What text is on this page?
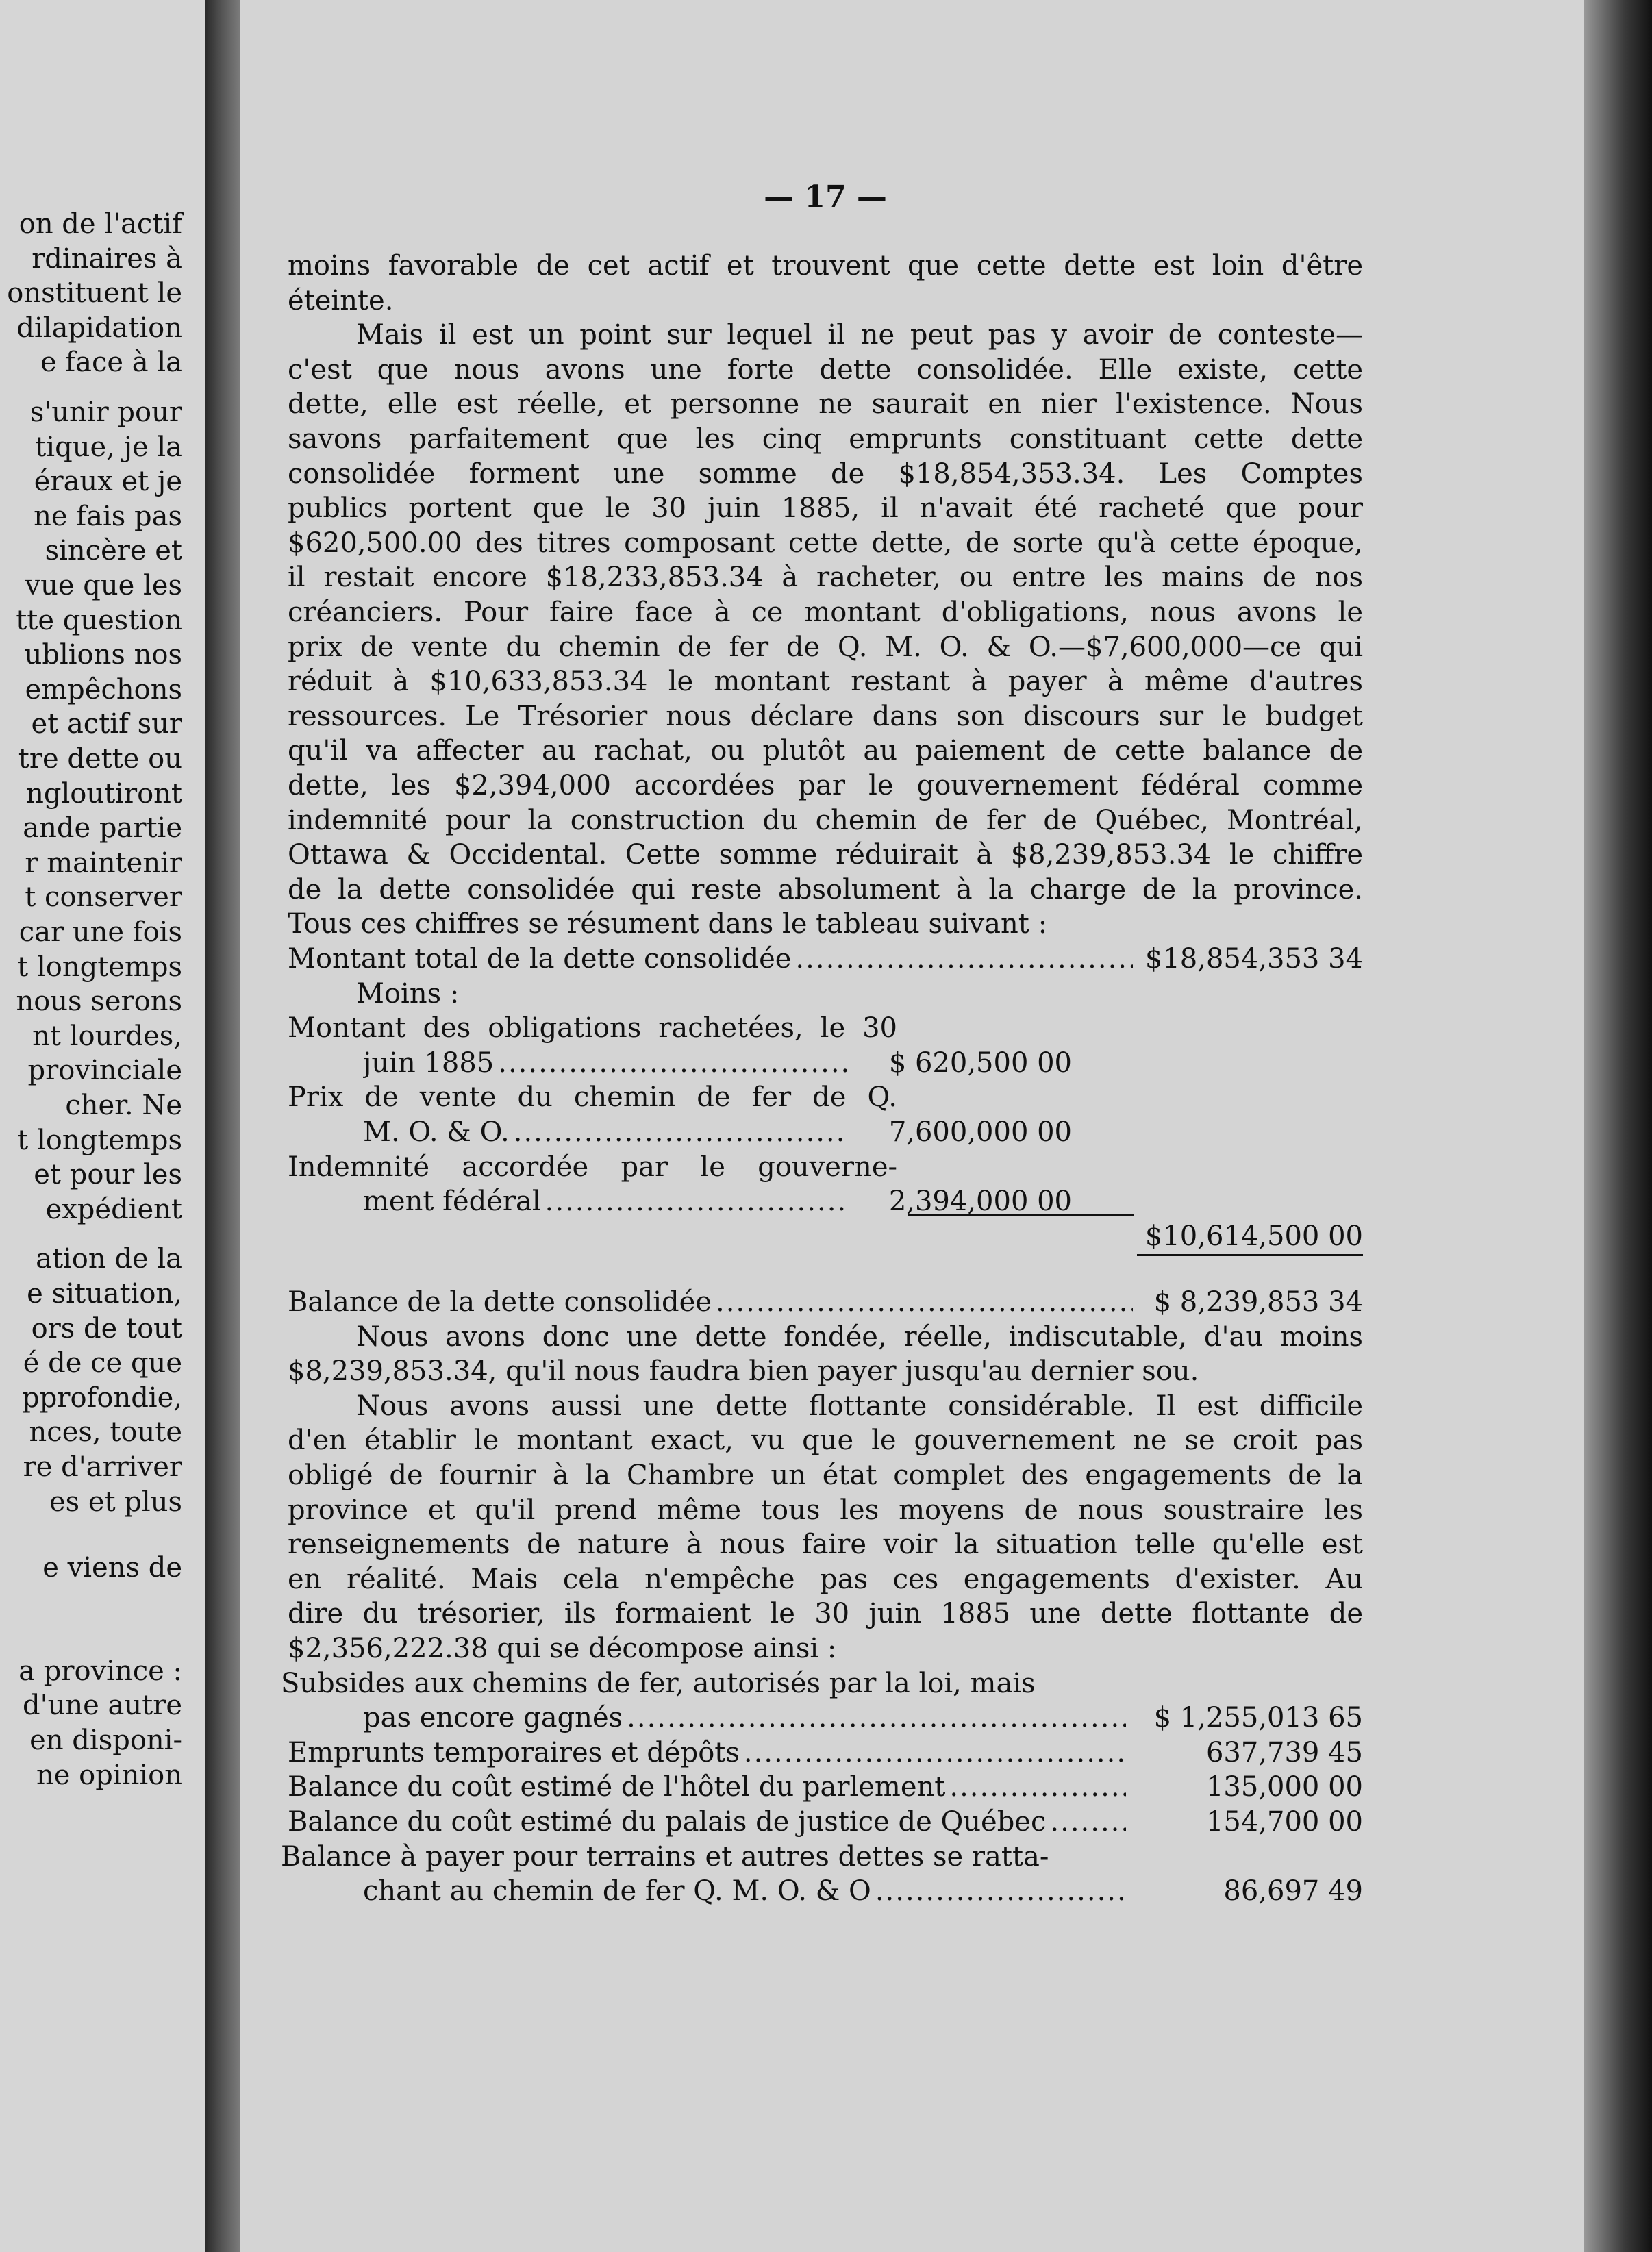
on de l'actif
rdinaires à
onstituent le
dilapidation
e face à la
s'unir pour
tique, je la
éraux et je
ne fais pas
sincère et
vue que les
tte question
ublions nos
empêchons
et actif sur
tre dette ou
ngloutiront
ande partie
r maintenir
t conserver
car une fois
t longtemps
nous serons
nt lourdes,
provinciale
cher. Ne
t longtemps
et pour les
expédient
ation de la
e situation,
ors de tout
é de ce que
pprofondie,
nces, toute
re d'arriver
es et plus
e viens de
a province :
d'une autre
en disponi-
ne opinion
— 17 —
moins favorable de cet actif et trouvent que cette dette est loin d'être
éteinte.
Mais il est un point sur lequel il ne peut pas y avoir de conteste—
c'est que nous avons une forte dette consolidée. Elle existe, cette
dette, elle est réelle, et personne ne saurait en nier l'existence. Nous
savons parfaitement que les cinq emprunts constituant cette dette
consolidée forment une somme de $18,854,353.34. Les Comptes
publics portent que le 30 juin 1885, il n'avait été racheté que pour
$620,500.00 des titres composant cette dette, de sorte qu'à cette époque,
il restait encore $18,233,853.34 à racheter, ou entre les mains de nos
créanciers. Pour faire face à ce montant d'obligations, nous avons le
prix de vente du chemin de fer de Q. M. O. & O.—$7,600,000—ce qui
réduit à $10,633,853.34 le montant restant à payer à même d'autres
ressources. Le Trésorier nous déclare dans son discours sur le budget
qu'il va affecter au rachat, ou plutôt au paiement de cette balance de
dette, les $2,394,000 accordées par le gouvernement fédéral comme
indemnité pour la construction du chemin de fer de Québec, Montréal,
Ottawa & Occidental. Cette somme réduirait à $8,239,853.34 le chiffre
de la dette consolidée qui reste absolument à la charge de la province.
Tous ces chiffres se résument dans le tableau suivant :
Montant total de la dette consolidée .....	$18,854,353 34
Moins :
Montant des obligations rachetées, le 30
juin 1885 .....	$ 620,500 00
Prix de vente du chemin de fer de Q.
M. O. & O. .....	7,600,000 00
Indemnité accordée par le gouverne-
ment fédéral .....	2,394,000 00
$10,614,500 00
Balance de la dette consolidée .....	$ 8,239,853 34
Nous avons donc une dette fondée, réelle, indiscutable, d'au moins
$8,239,853.34, qu'il nous faudra bien payer jusqu'au dernier sou.
Nous avons aussi une dette flottante considérable. Il est difficile
d'en établir le montant exact, vu que le gouvernement ne se croit pas
obligé de fournir à la Chambre un état complet des engagements de la
province et qu'il prend même tous les moyens de nous soustraire les
renseignements de nature à nous faire voir la situation telle qu'elle est
en réalité. Mais cela n'empêche pas ces engagements d'exister. Au
dire du trésorier, ils formaient le 30 juin 1885 une dette flottante de
$2,356,222.38 qui se décompose ainsi :
Subsides aux chemins de fer, autorisés par la loi, mais
pas encore gagnés .....	$ 1,255,013 65
Emprunts temporaires et dépôts .....	637,739 45
Balance du coût estimé de l'hôtel du parlement .....	135,000 00
Balance du coût estimé du palais de justice de Québec .....	154,700 00
Balance à payer pour terrains et autres dettes se ratta-
chant au chemin de fer Q. M. O. & O .....	86,697 49
